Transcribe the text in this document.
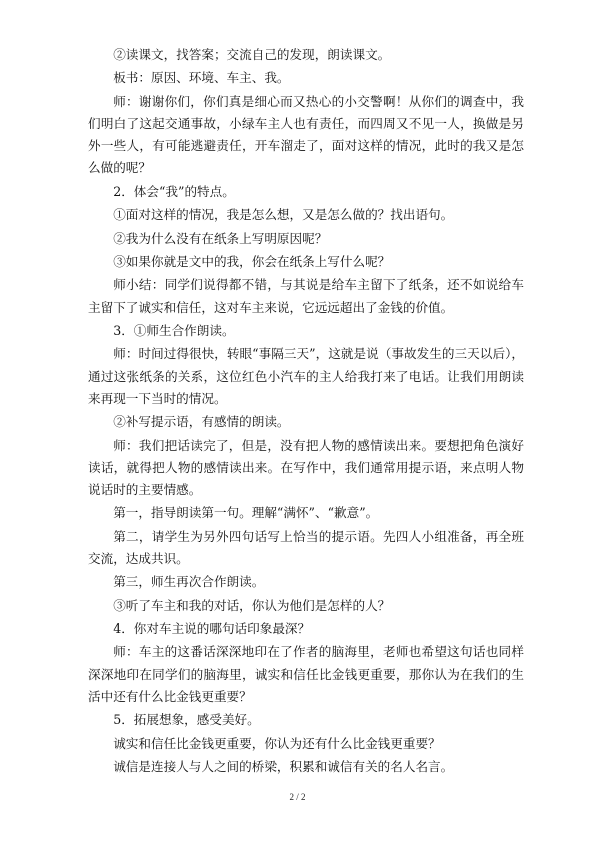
②读课文，找答案；交流自己的发现，朗读课文。

板书：原因、环境、车主、我。

师：谢谢你们，你们真是细心而又热心的小交警啊！从你们的调查中，我们明白了这起交通事故，小绿车主人也有责任，而四周又不见一人，换做是另外一些人，有可能逃避责任，开车溜走了，面对这样的情况，此时的我又是怎么做的呢？

2．体会“我”的特点。

①面对这样的情况，我是怎么想，又是怎么做的？找出语句。

②我为什么没有在纸条上写明原因呢？

③如果你就是文中的我，你会在纸条上写什么呢？

师小结：同学们说得都不错，与其说是给车主留下了纸条，还不如说给车主留下了诚实和信任，这对车主来说，它远远超出了金钱的价值。

3．①师生合作朗读。

师：时间过得很快，转眼“事隔三天”，这就是说（事故发生的三天以后），通过这张纸条的关系，这位红色小汽车的主人给我打来了电话。让我们用朗读来再现一下当时的情况。

②补写提示语，有感情的朗读。

师：我们把话读完了，但是，没有把人物的感情读出来。要想把角色演好读话，就得把人物的感情读出来。在写作中，我们通常用提示语，来点明人物说话时的主要情感。

第一，指导朗读第一句。理解“满怀”、“歉意”。

第二，请学生为另外四句话写上恰当的提示语。先四人小组准备，再全班交流，达成共识。

第三，师生再次合作朗读。

③听了车主和我的对话，你认为他们是怎样的人？

4．你对车主说的哪句话印象最深？

师：车主的这番话深深地印在了作者的脑海里，老师也希望这句话也同样深深地印在同学们的脑海里，诚实和信任比金钱更重要，那你认为在我们的生活中还有什么比金钱更重要？

5．拓展想象，感受美好。

诚实和信任比金钱更重要，你认为还有什么比金钱更重要？

诚信是连接人与人之间的桥梁，积累和诚信有关的名人名言。

2 / 2
